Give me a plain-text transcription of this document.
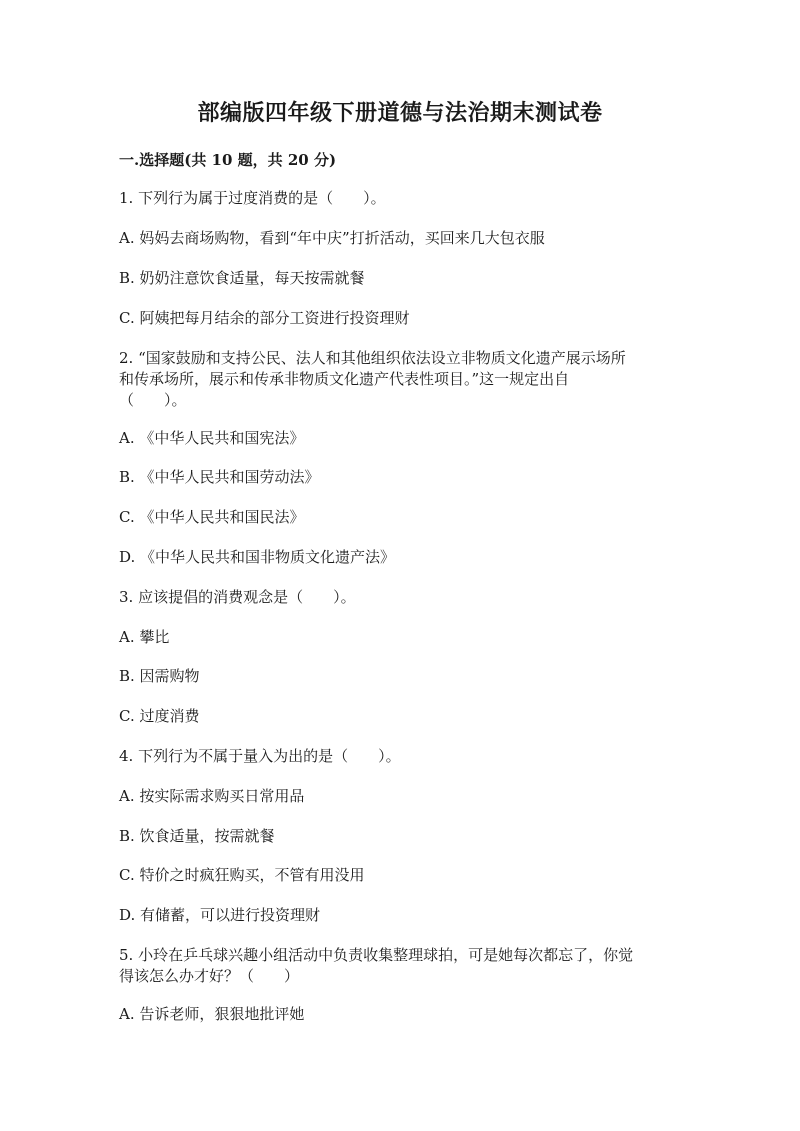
部编版四年级下册道德与法治期末测试卷
一.选择题(共 10 题，共 20 分)
1. 下列行为属于过度消费的是（　　）。
A. 妈妈去商场购物，看到“年中庆”打折活动，买回来几大包衣服
B. 奶奶注意饮食适量，每天按需就餐
C. 阿姨把每月结余的部分工资进行投资理财
2. “国家鼓励和支持公民、法人和其他组织依法设立非物质文化遗产展示场所
和传承场所，展示和传承非物质文化遗产代表性项目。”这一规定出自
（　　）。
A. 《中华人民共和国宪法》
B. 《中华人民共和国劳动法》
C. 《中华人民共和国民法》
D. 《中华人民共和国非物质文化遗产法》
3. 应该提倡的消费观念是（　　）。
A. 攀比
B. 因需购物
C. 过度消费
4. 下列行为不属于量入为出的是（　　）。
A. 按实际需求购买日常用品
B. 饮食适量，按需就餐
C. 特价之时疯狂购买，不管有用没用
D. 有储蓄，可以进行投资理财
5. 小玲在乒乓球兴趣小组活动中负责收集整理球拍，可是她每次都忘了，你觉
得该怎么办才好？（　　）
A. 告诉老师，狠狠地批评她
